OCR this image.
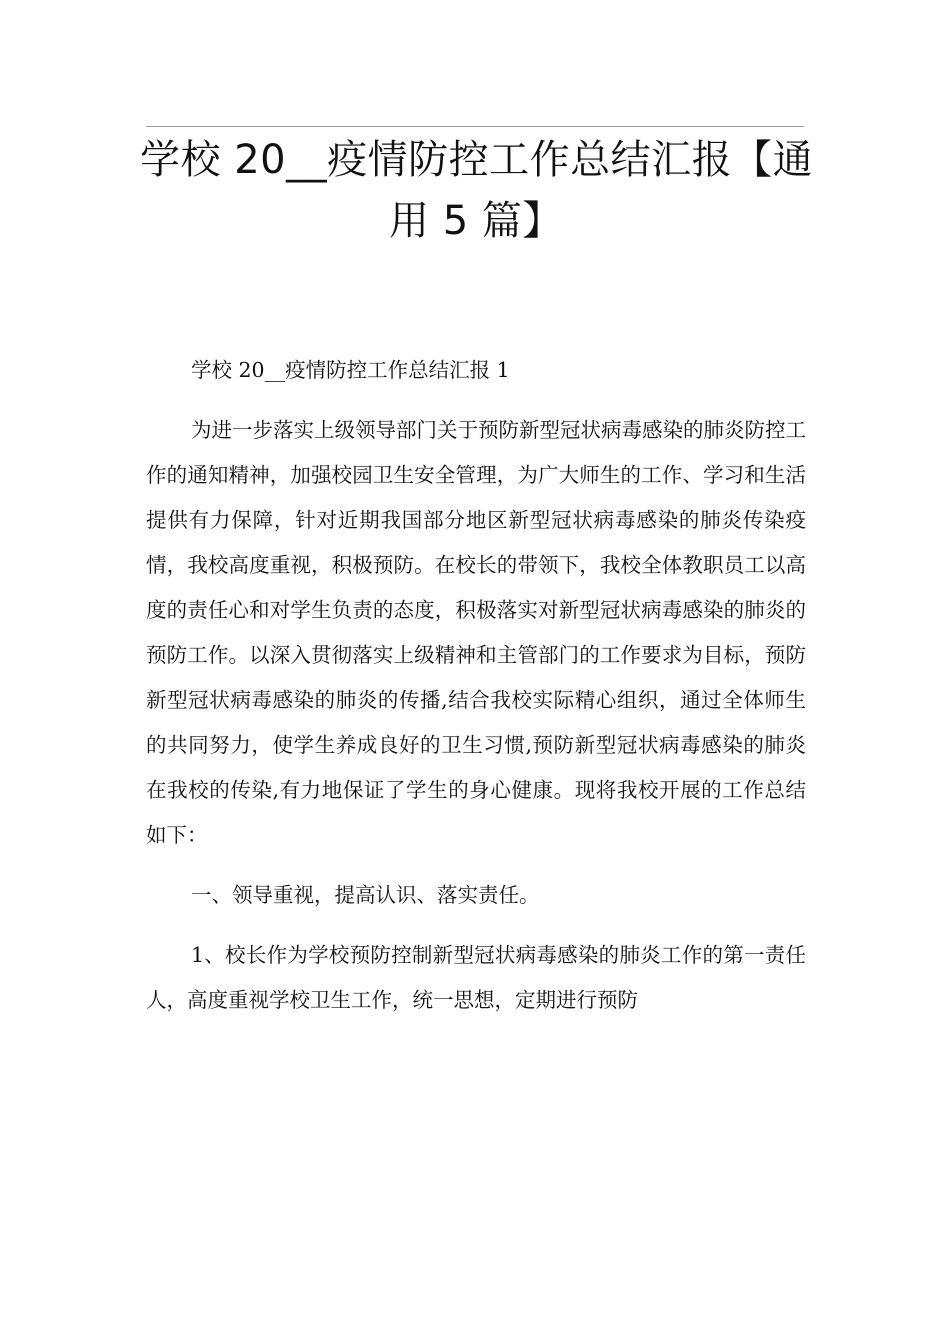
学校 20__疫情防控工作总结汇报【通
用 5 篇】

学校 20__疫情防控工作总结汇报 1

为进一步落实上级领导部门关于预防新型冠状病毒感染的肺炎防控工作的通知精神，加强校园卫生安全管理，为广大师生的工作、学习和生活提供有力保障，针对近期我国部分地区新型冠状病毒感染的肺炎传染疫情，我校高度重视，积极预防。在校长的带领下，我校全体教职员工以高度的责任心和对学生负责的态度，积极落实对新型冠状病毒感染的肺炎的预防工作。以深入贯彻落实上级精神和主管部门的工作要求为目标，预防新型冠状病毒感染的肺炎的传播,结合我校实际精心组织，通过全体师生的共同努力，使学生养成良好的卫生习惯,预防新型冠状病毒感染的肺炎在我校的传染,有力地保证了学生的身心健康。现将我校开展的工作总结如下：

一、领导重视，提高认识、落实责任。

1、校长作为学校预防控制新型冠状病毒感染的肺炎工作的第一责任人，高度重视学校卫生工作，统一思想，定期进行预防
